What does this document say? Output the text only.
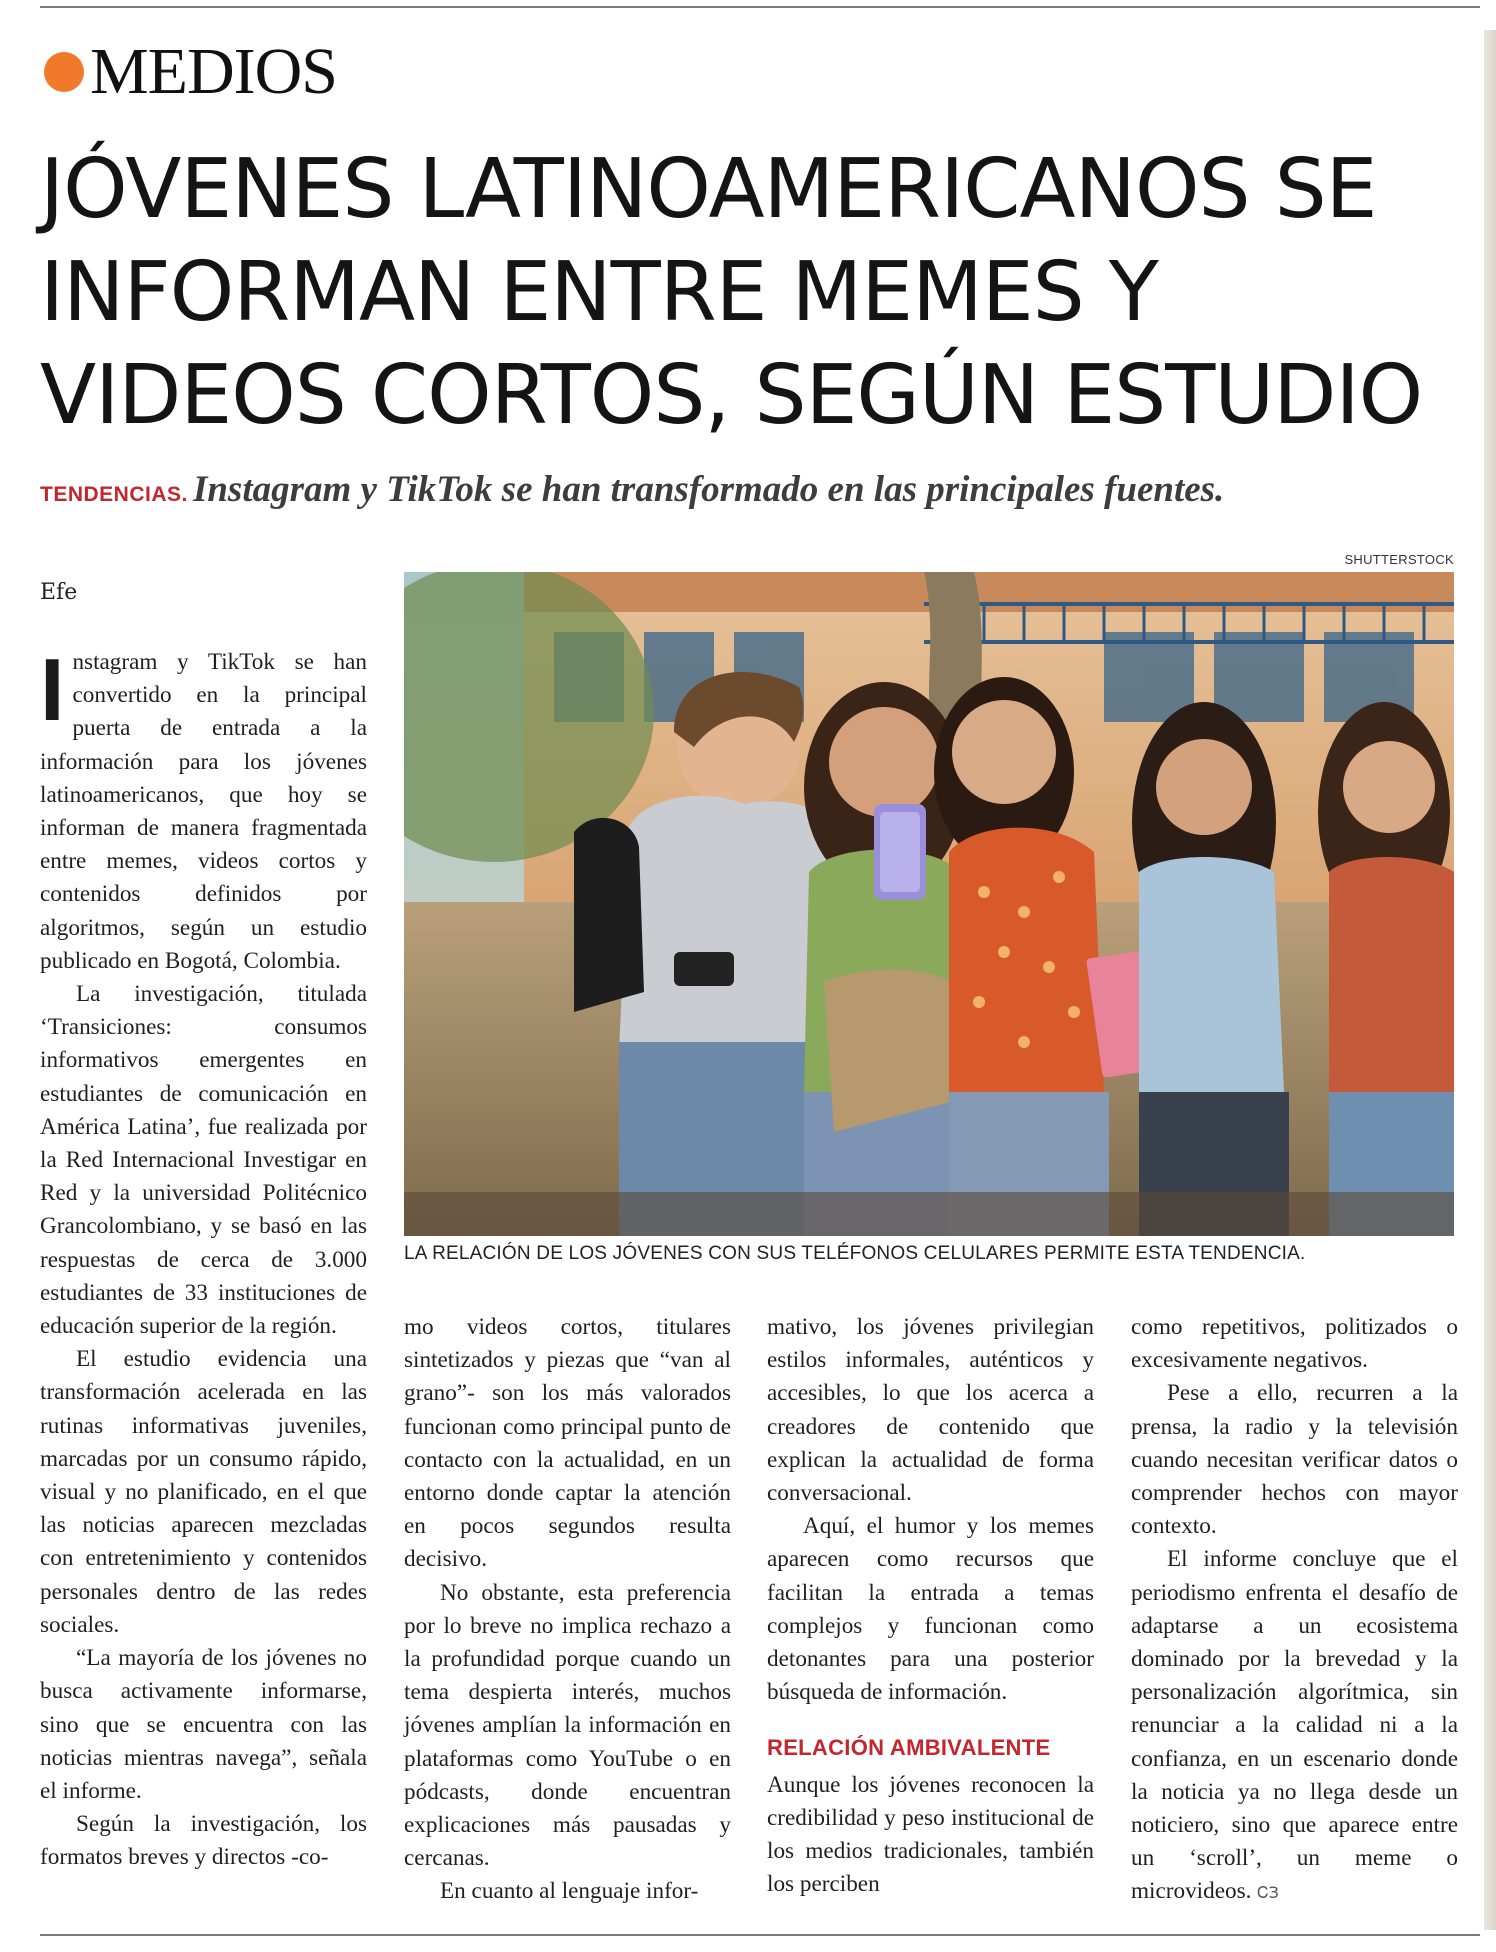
MEDIOS
JÓVENES LATINOAMERICANOS SE
INFORMAN ENTRE MEMES Y
VIDEOS CORTOS, SEGÚN ESTUDIO
TENDENCIAS. Instagram y TikTok se han transformado en las principales fuentes.
SHUTTERSTOCK
LA RELACIÓN DE LOS JÓVENES CON SUS TELÉFONOS CELULARES PERMITE ESTA TENDENCIA.
Efe

Instagram y TikTok se han convertido en la principal puerta de entrada a la información para los jóvenes latinoamericanos, que hoy se informan de manera fragmentada entre memes, videos cortos y contenidos definidos por algoritmos, según un estudio publicado en Bogotá, Colombia.

La investigación, titulada ‘Transiciones: consumos informativos emergentes en estudiantes de comunicación en América Latina’, fue realizada por la Red Internacional Investigar en Red y la universidad Politécnico Grancolombiano, y se basó en las respuestas de cerca de 3.000 estudiantes de 33 instituciones de educación superior de la región.

El estudio evidencia una transformación acelerada en las rutinas informativas juveniles, marcadas por un consumo rápido, visual y no planificado, en el que las noticias aparecen mezcladas con entretenimiento y contenidos personales dentro de las redes sociales.

“La mayoría de los jóvenes no busca activamente informarse, sino que se encuentra con las noticias mientras navega”, señala el informe.

Según la investigación, los formatos breves y directos -co-

mo videos cortos, titulares sintetizados y piezas que “van al grano”- son los más valorados funcionan como principal punto de contacto con la actualidad, en un entorno donde captar la atención en pocos segundos resulta decisivo.

No obstante, esta preferencia por lo breve no implica rechazo a la profundidad porque cuando un tema despierta interés, muchos jóvenes amplían la información en plataformas como YouTube o en pódcasts, donde encuentran explicaciones más pausadas y cercanas.

En cuanto al lenguaje infor-

mativo, los jóvenes privilegian estilos informales, auténticos y accesibles, lo que los acerca a creadores de contenido que explican la actualidad de forma conversacional.

Aquí, el humor y los memes aparecen como recursos que facilitan la entrada a temas complejos y funcionan como detonantes para una posterior búsqueda de información.

RELACIÓN AMBIVALENTE

Aunque los jóvenes reconocen la credibilidad y peso institucional de los medios tradicionales, también los perciben

como repetitivos, politizados o excesivamente negativos.

Pese a ello, recurren a la prensa, la radio y la televisión cuando necesitan verificar datos o comprender hechos con mayor contexto.

El informe concluye que el periodismo enfrenta el desafío de adaptarse a un ecosistema dominado por la brevedad y la personalización algorítmica, sin renunciar a la calidad ni a la confianza, en un escenario donde la noticia ya no llega desde un noticiero, sino que aparece entre un ‘scroll’, un meme o microvideos. ᏟЗ
